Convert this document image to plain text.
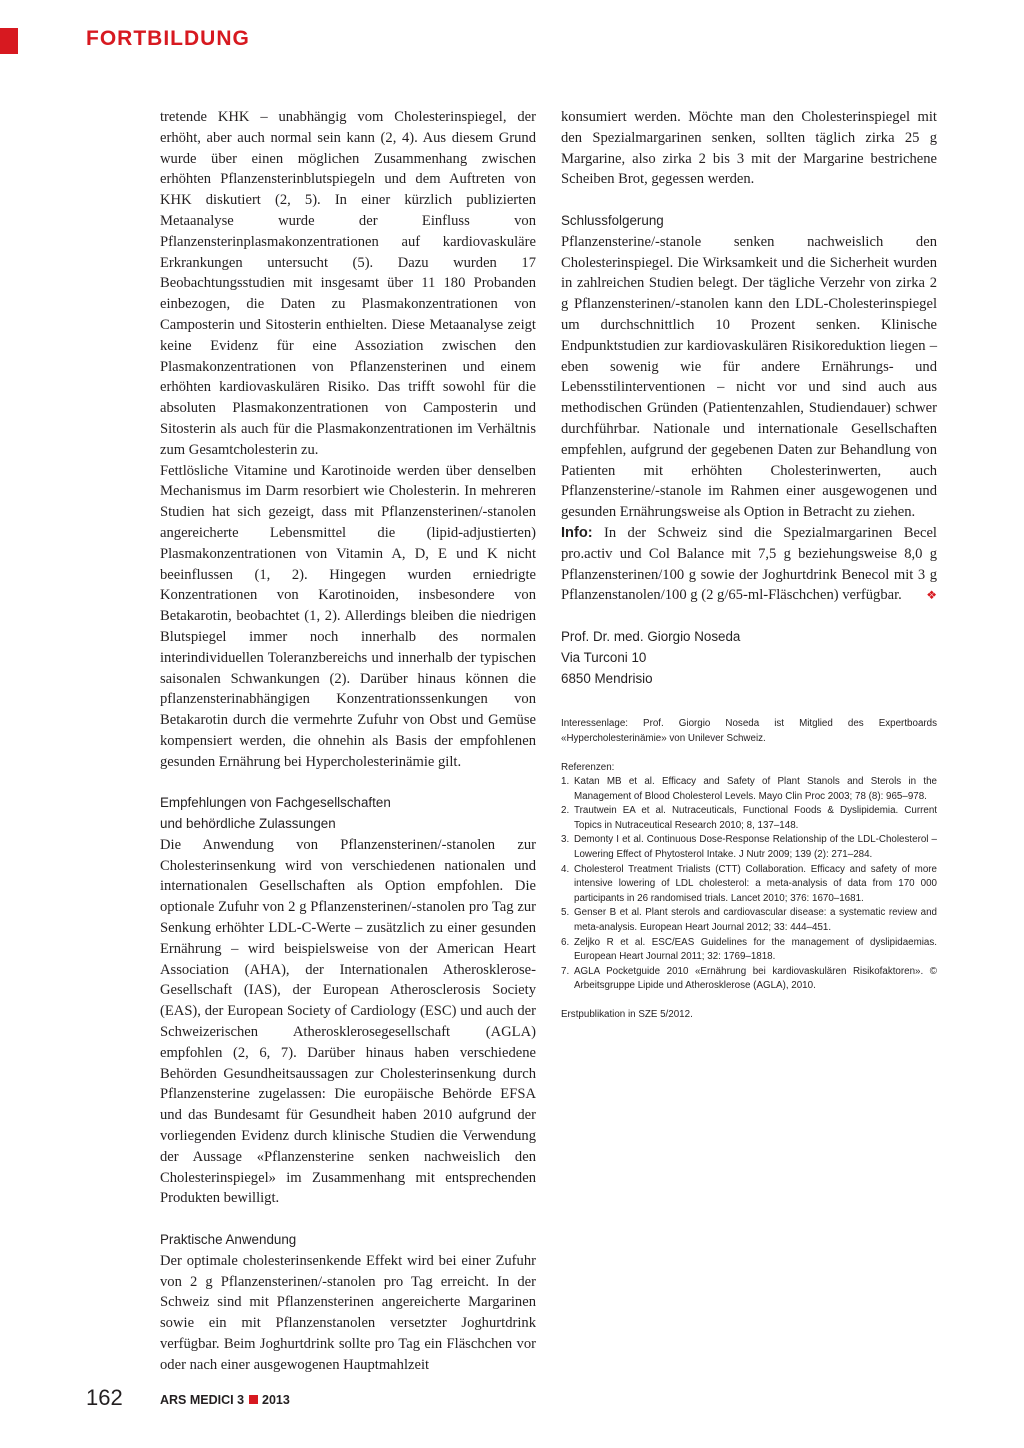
FORTBILDUNG

tretende KHK – unabhängig vom Cholesterinspiegel, der erhöht, aber auch normal sein kann (2, 4). Aus diesem Grund wurde über einen möglichen Zusammenhang zwischen erhöhten Pflanzensterinblutspiegeln und dem Auftreten von KHK diskutiert (2, 5). In einer kürzlich publizierten Metaanalyse wurde der Einfluss von Pflanzensterinplasmakonzentrationen auf kardiovaskuläre Erkrankungen untersucht (5). Dazu wurden 17 Beobachtungsstudien mit insgesamt über 11 180 Probanden einbezogen, die Daten zu Plasmakonzentrationen von Camposterin und Sitosterin enthielten. Diese Metaanalyse zeigt keine Evidenz für eine Assoziation zwischen den Plasmakonzentrationen von Pflanzensterinen und einem erhöhten kardiovaskulären Risiko. Das trifft sowohl für die absoluten Plasmakonzentrationen von Camposterin und Sitosterin als auch für die Plasmakonzentrationen im Verhältnis zum Gesamtcholesterin zu.

Fettlösliche Vitamine und Karotinoide werden über denselben Mechanismus im Darm resorbiert wie Cholesterin. In mehreren Studien hat sich gezeigt, dass mit Pflanzensterinen/-stanolen angereicherte Lebensmittel die (lipid-adjustierten) Plasmakonzentrationen von Vitamin A, D, E und K nicht beeinflussen (1, 2). Hingegen wurden erniedrigte Konzentrationen von Karotinoiden, insbesondere von Betakarotin, beobachtet (1, 2). Allerdings bleiben die niedrigen Blutspiegel immer noch innerhalb des normalen interindividuellen Toleranzbereichs und innerhalb der typischen saisonalen Schwankungen (2). Darüber hinaus können die pflanzensterinabhängigen Konzentrationssenkungen von Betakarotin durch die vermehrte Zufuhr von Obst und Gemüse kompensiert werden, die ohnehin als Basis der empfohlenen gesunden Ernährung bei Hypercholesterinämie gilt.

Empfehlungen von Fachgesellschaften
und behördliche Zulassungen

Die Anwendung von Pflanzensterinen/-stanolen zur Cholesterinsenkung wird von verschiedenen nationalen und internationalen Gesellschaften als Option empfohlen. Die optionale Zufuhr von 2 g Pflanzensterinen/-stanolen pro Tag zur Senkung erhöhter LDL-C-Werte – zusätzlich zu einer gesunden Ernährung – wird beispielsweise von der American Heart Association (AHA), der Internationalen Atherosklerose-Gesellschaft (IAS), der European Atherosclerosis Society (EAS), der European Society of Cardiology (ESC) und auch der Schweizerischen Atherosklerosegesellschaft (AGLA) empfohlen (2, 6, 7). Darüber hinaus haben verschiedene Behörden Gesundheitsaussagen zur Cholesterinsenkung durch Pflanzensterine zugelassen: Die europäische Behörde EFSA und das Bundesamt für Gesundheit haben 2010 aufgrund der vorliegenden Evidenz durch klinische Studien die Verwendung der Aussage «Pflanzensterine senken nachweislich den Cholesterinspiegel» im Zusammenhang mit entsprechenden Produkten bewilligt.

Praktische Anwendung

Der optimale cholesterinsenkende Effekt wird bei einer Zufuhr von 2 g Pflanzensterinen/-stanolen pro Tag erreicht. In der Schweiz sind mit Pflanzensterinen angereicherte Margarinen sowie ein mit Pflanzenstanolen versetzter Joghurtdrink verfügbar. Beim Joghurtdrink sollte pro Tag ein Fläschchen vor oder nach einer ausgewogenen Hauptmahlzeit

konsumiert werden. Möchte man den Cholesterinspiegel mit den Spezialmargarinen senken, sollten täglich zirka 25 g Margarine, also zirka 2 bis 3 mit der Margarine bestrichene Scheiben Brot, gegessen werden.

Schlussfolgerung

Pflanzensterine/-stanole senken nachweislich den Cholesterinspiegel. Die Wirksamkeit und die Sicherheit wurden in zahlreichen Studien belegt. Der tägliche Verzehr von zirka 2 g Pflanzensterinen/-stanolen kann den LDL-Cholesterinspiegel um durchschnittlich 10 Prozent senken. Klinische Endpunktstudien zur kardiovaskulären Risikoreduktion liegen – eben sowenig wie für andere Ernährungs- und Lebensstilinterventionen – nicht vor und sind auch aus methodischen Gründen (Patientenzahlen, Studiendauer) schwer durchführbar. Nationale und internationale Gesellschaften empfehlen, aufgrund der gegebenen Daten zur Behandlung von Patienten mit erhöhten Cholesterinwerten, auch Pflanzensterine/-stanole im Rahmen einer ausgewogenen und gesunden Ernährungsweise als Option in Betracht zu ziehen.

Info: In der Schweiz sind die Spezialmargarinen Becel pro.activ und Col Balance mit 7,5 g beziehungsweise 8,0 g Pflanzensterinen/100 g sowie der Joghurtdrink Benecol mit 3 g Pflanzenstanolen/100 g (2 g/65-ml-Fläschchen) verfügbar. ❖

Prof. Dr. med. Giorgio Noseda
Via Turconi 10
6850 Mendrisio
Interessenlage: Prof. Giorgio Noseda ist Mitglied des Expertboards «Hypercholesterinämie» von Unilever Schweiz.
Referenzen:
1. Katan MB et al. Efficacy and Safety of Plant Stanols and Sterols in the Management of Blood Cholesterol Levels. Mayo Clin Proc 2003; 78 (8): 965–978.
2. Trautwein EA et al. Nutraceuticals, Functional Foods & Dyslipidemia. Current Topics in Nutraceutical Research 2010; 8, 137–148.
3. Demonty I et al. Continuous Dose-Response Relationship of the LDL-Cholesterol – Lowering Effect of Phytosterol Intake. J Nutr 2009; 139 (2): 271–284.
4. Cholesterol Treatment Trialists (CTT) Collaboration. Efficacy and safety of more intensive lowering of LDL cholesterol: a meta-analysis of data from 170 000 participants in 26 randomised trials. Lancet 2010; 376: 1670–1681.
5. Genser B et al. Plant sterols and cardiovascular disease: a systematic review and meta-analysis. European Heart Journal 2012; 33: 444–451.
6. Zeljko R et al. ESC/EAS Guidelines for the management of dyslipidaemias. European Heart Journal 2011; 32: 1769–1818.
7. AGLA Pocketguide 2010 «Ernährung bei kardiovaskulären Risikofaktoren». © Arbeitsgruppe Lipide und Atherosklerose (AGLA), 2010.
Erstpublikation in SZE 5/2012.
162	ARS MEDICI 3 2013
